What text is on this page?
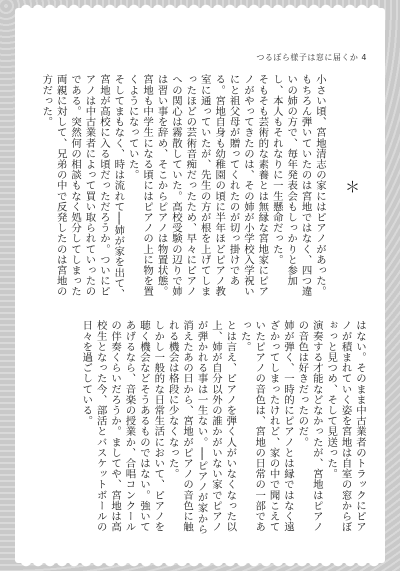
つるぼら様子は窓に届くか 4
＊
小さい頃、宮地清志の家にはピアノがあった。
もちろん弾いていたのは宮地ではなく、四つ違いの姉の方で、毎年発表会もしっかりと参加し、本人もそれなりに一生懸命だった。
そもそも芸術的な素養とは無縁な宮地家にピアノがやってきたのは、その姉が小学校入学祝いにと祖父母が贈ってくれたのが切っ掛けである。宮地自身も幼稚園の頃に半年ほどピアノ教室に通っていたが、先生の方が根を上げてしまったほどの芸術音痴だったため、早々にピアノへの関心は霧散していた。高校受験の辺りで姉は習い事を辞め、そこからピアノは物置状態。宮地も中学生になる頃にはピアノの上に物を置くようになっていた。
そしてまもなく、時は流れて──姉が家を出て、宮地が高校に入る頃だっただろうか。ついにピアノは中古業者によって買い取られていったのである。突然何の相談もなく処分してしまった両親に対して、兄弟の中で反発したのは宮地の方だった。
はない。そのまま中古業者のトラックにピアノが積まれていく姿を宮地は自室の窓からぼぉっと見つめ、そして見送った。
演奏する才能などなかったが、宮地はピアノの音色は好きだったのだ。
姉が弾く、一時的にピアノとは縁ではなく遠ざかってしまったけれど、家の中で聞こえていたピアノの音色は、宮地の日常の一部であった。
とは言え、ピアノを弾く人がいなくなった以上、姉が自分以外の誰かがいない家でピアノが弾かれる事は一生ない。──ピアノが家から消えたあの日から、宮地がピアノの音色に触れる機会は格段に少なくなった。
しかし一般的な日常生活において、ピアノを聴く機会などそうあるものではない。強いてあげるなら、音楽の授業か、合唱コンクールの伴奏くらいだろうか。ましてや、宮地は高校生となった今、部活とバスケットボールの日々を過ごしている。
